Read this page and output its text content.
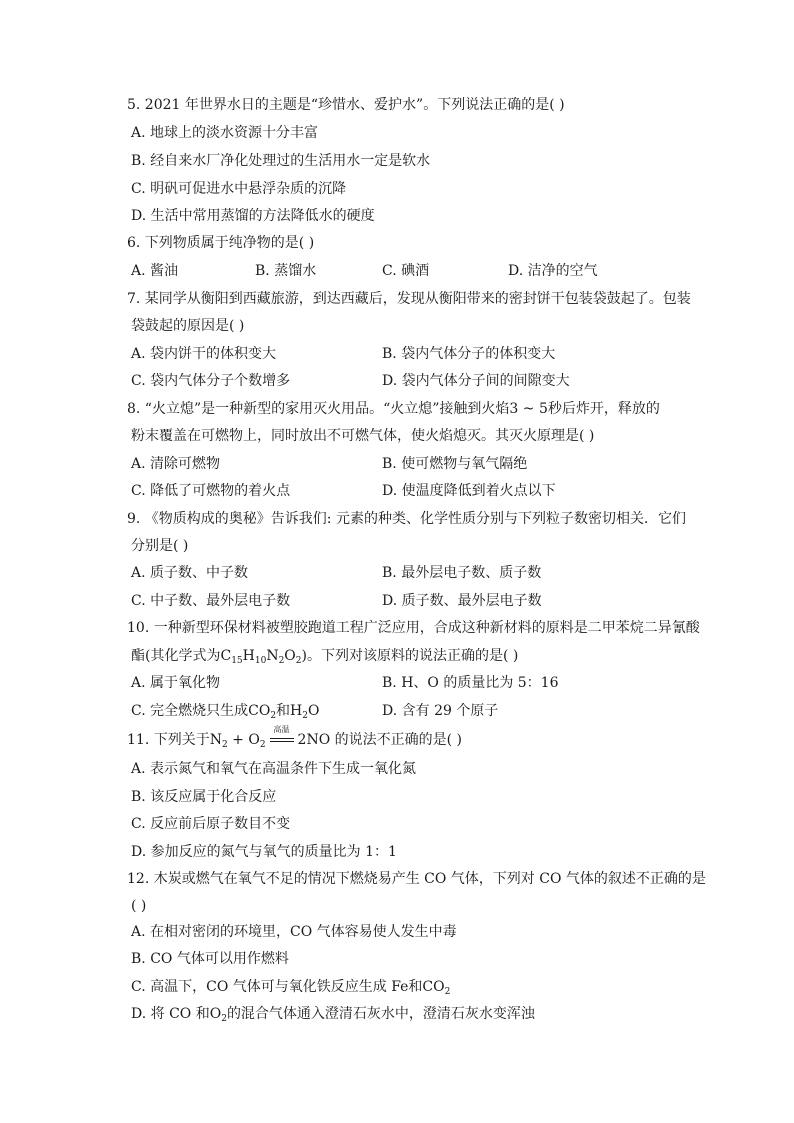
5. 2021 年世界水日的主题是“珍惜水、爱护水”。下列说法正确的是( )
A. 地球上的淡水资源十分丰富
B. 经自来水厂净化处理过的生活用水一定是软水
C. 明矾可促进水中悬浮杂质的沉降
D. 生活中常用蒸馏的方法降低水的硬度
6. 下列物质属于纯净物的是( )
A. 酱油	B. 蒸馏水	C. 碘酒	D. 洁净的空气
7. 某同学从衡阳到西藏旅游，到达西藏后，发现从衡阳带来的密封饼干包装袋鼓起了。包装
袋鼓起的原因是( )
A. 袋内饼干的体积变大	B. 袋内气体分子的体积变大
C. 袋内气体分子个数增多	D. 袋内气体分子间的间隙变大
8. “火立熄”是一种新型的家用灭火用品。“火立熄”接触到火焰3 ~ 5秒后炸开，释放的
粉末覆盖在可燃物上，同时放出不可燃气体，使火焰熄灭。其灭火原理是( )
A. 清除可燃物	B. 使可燃物与氧气隔绝
C. 降低了可燃物的着火点	D. 使温度降低到着火点以下
9. 《物质构成的奥秘》告诉我们: 元素的种类、化学性质分别与下列粒子数密切相关．它们
分别是( )
A. 质子数、中子数	B. 最外层电子数、质子数
C. 中子数、最外层电子数	D. 质子数、最外层电子数
10. 一种新型环保材料被塑胶跑道工程广泛应用，合成这种新材料的原料是二甲苯烷二异氰酸
酯(其化学式为$C_{15}H_{10}N_2O_2$)。下列对该原料的说法正确的是( )
A. 属于氧化物	B. H、O 的质量比为 5：16
C. 完全燃烧只生成$CO_2$和$H_2O$	D. 含有 29 个原子
11. 下列关于$N_2 + O_2$
高温
2NO 的说法不正确的是( )
A. 表示氮气和氧气在高温条件下生成一氧化氮
B. 该反应属于化合反应
C. 反应前后原子数目不变
D. 参加反应的氮气与氧气的质量比为 1：1
12. 木炭或燃气在氧气不足的情况下燃烧易产生 CO 气体，下列对 CO 气体的叙述不正确的是
( )
A. 在相对密闭的环境里，CO 气体容易使人发生中毒
B. CO 气体可以用作燃料
C. 高温下，CO 气体可与氧化铁反应生成 Fe和$CO_2$
D. 将 CO 和$O_2$的混合气体通入澄清石灰水中，澄清石灰水变浑浊
